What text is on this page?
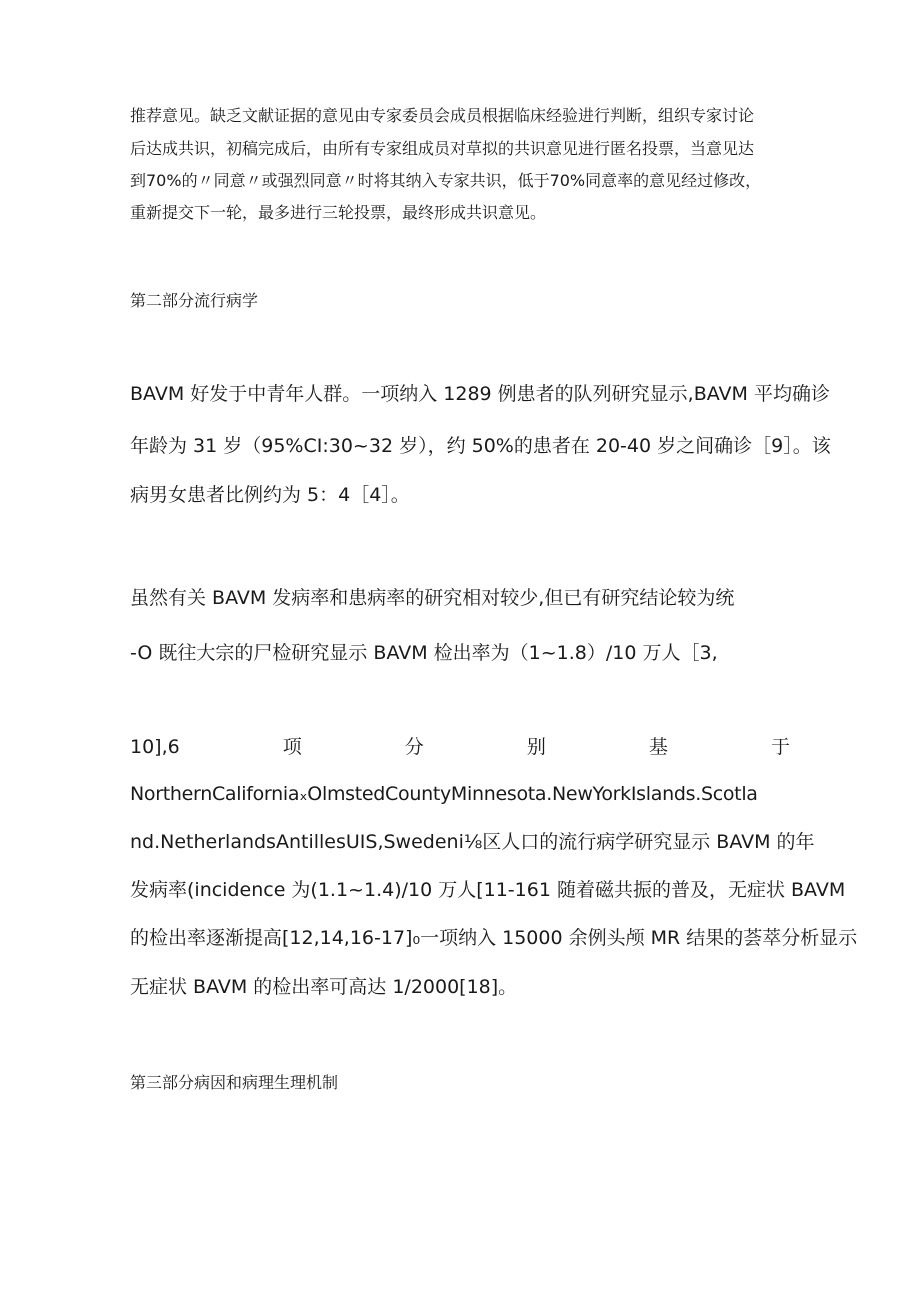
推荐意见。缺乏文献证据的意见由专家委员会成员根据临床经验进行判断，组织专家讨论
后达成共识，初稿完成后，由所有专家组成员对草拟的共识意见进行匿名投票，当意见达
到70%的〃同意〃或强烈同意〃时将其纳入专家共识，低于70%同意率的意见经过修改，
重新提交下一轮，最多进行三轮投票，最终形成共识意见。
第二部分流行病学
BAVM 好发于中青年人群。一项纳入 1289 例患者的队列研究显示,BAVM 平均确诊
年龄为 31 岁（95%CI:30~32 岁），约 50%的患者在 20-40 岁之间确诊［9］。该
病男女患者比例约为 5：4［4］。
虽然有关 BAVM 发病率和患病率的研究相对较少,但已有研究结论较为统
-O 既往大宗的尸检研究显示 BAVM 检出率为（1~1.8）/10 万人［3,
10],6	项	分	别	基	于
NorthernCaliforniaₓOlmstedCountyMinnesota.NewYorkIslands.Scotla
nd.NetherlandsAntillesUIS,Swedeni⅛区人口的流行病学研究显示 BAVM 的年
发病率(incidence 为(1.1~1.4)/10 万人[11-161 随着磁共振的普及，无症状 BAVM
的检出率逐渐提高[12,14,16-17]₀一项纳入 15000 余例头颅 MR 结果的荟萃分析显示
无症状 BAVM 的检出率可高达 1/2000[18]。
第三部分病因和病理生理机制
